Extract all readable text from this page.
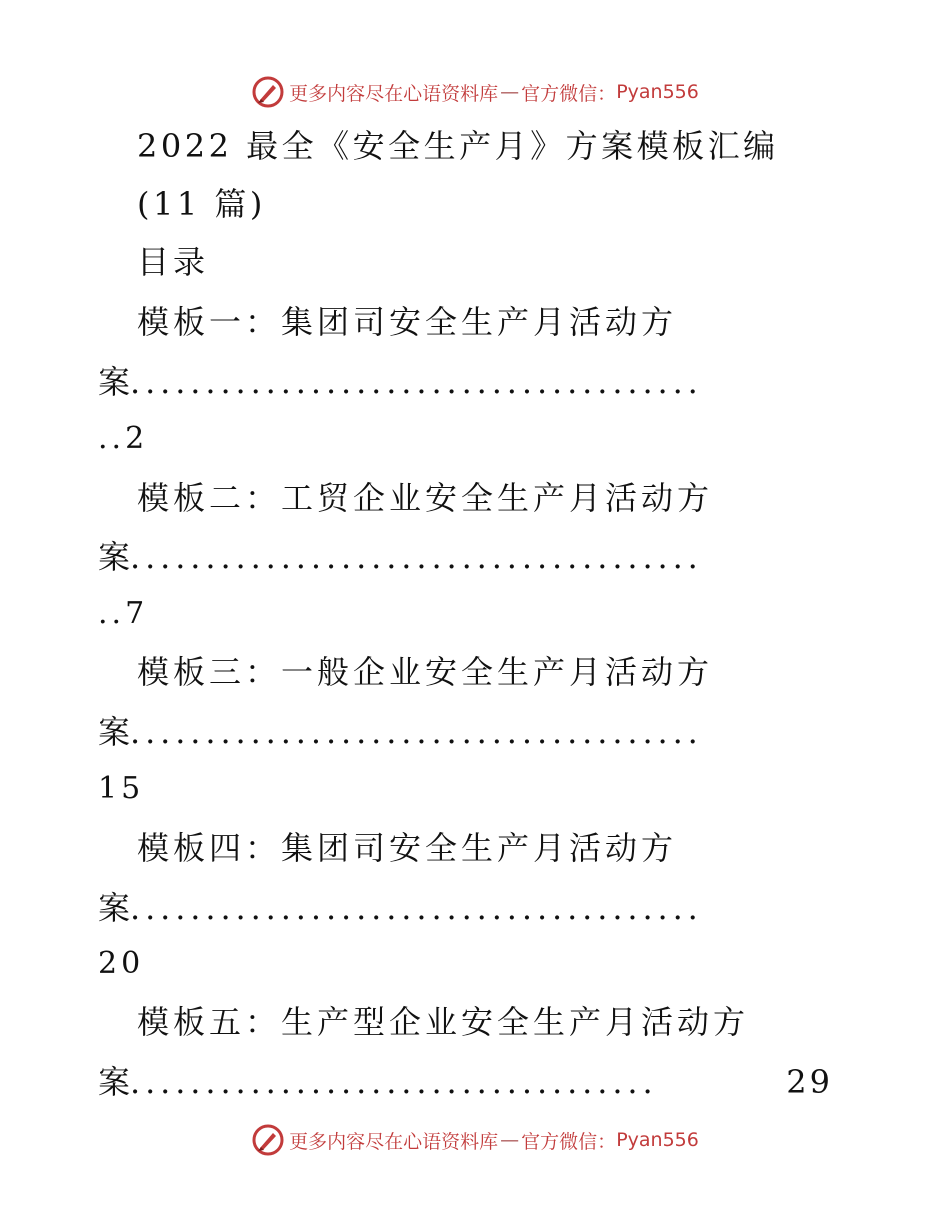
更多内容尽在心语资料库 — 官方微信： Pyan556
2022 最全《安全生产月》方案模板汇编
(11 篇)
目录
模板一：集团司安全生产月活动方
案 ......................................
..2
模板二：工贸企业安全生产月活动方
案 ......................................
..7
模板三：一般企业安全生产月活动方
案 ......................................
15
模板四：集团司安全生产月活动方
案 ......................................
20
模板五：生产型企业安全生产月活动方
案 ...................................	29
更多内容尽在心语资料库 — 官方微信： Pyan556
